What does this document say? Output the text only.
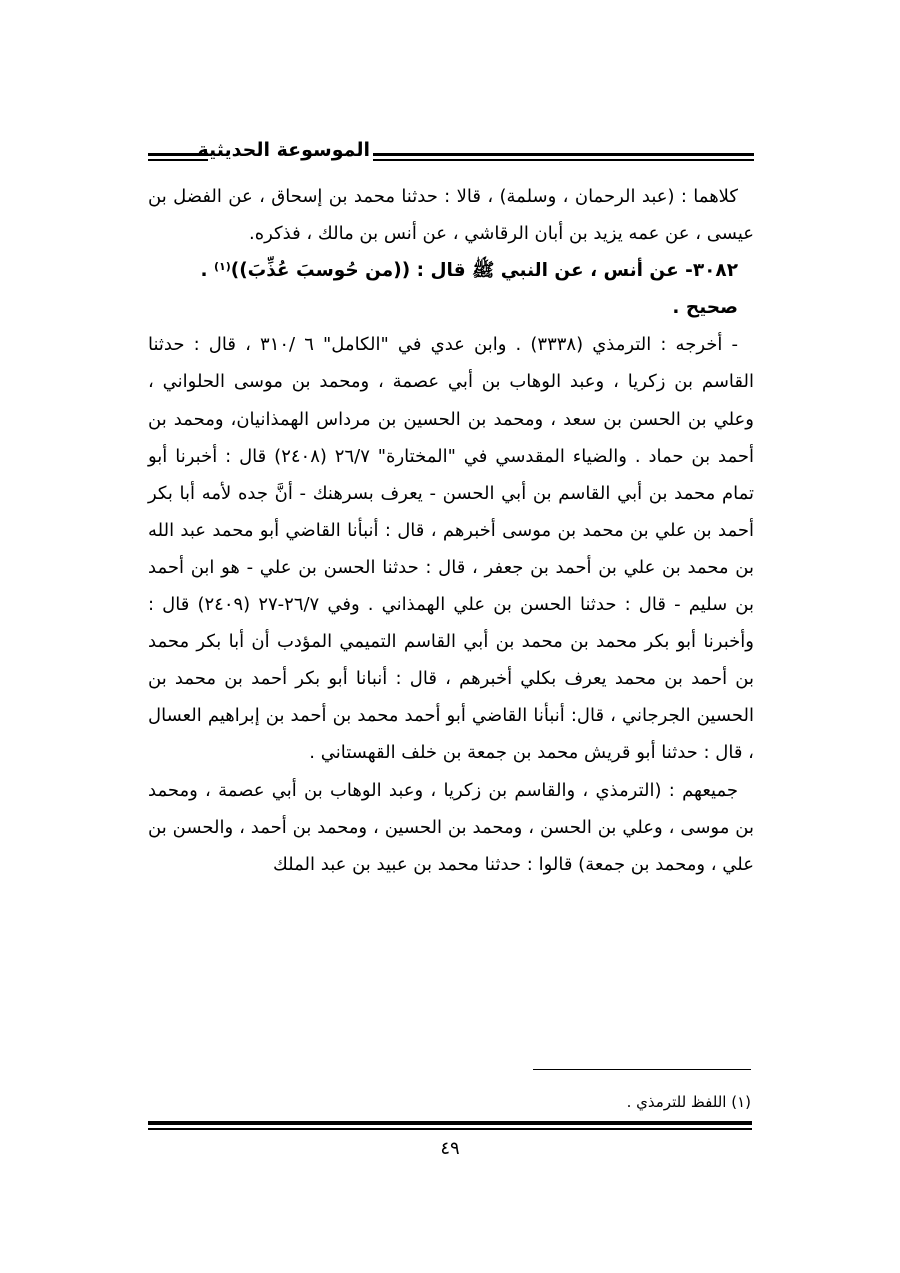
الموسوعة الحديثية

كلاهما : (عبد الرحمان ، وسلمة) ، قالا : حدثنا محمد بن إسحاق ، عن الفضل بن عيسى ، عن عمه يزيد بن أبان الرقاشي ، عن أنس بن مالك ، فذكره.

٣٠٨٢- عن أنس ، عن النبي ﷺ قال : ((من حُوسبَ عُذِّبَ))$^{(١)}$ .

صحيح .

- أخرجه : الترمذي (٣٣٣٨) . وابن عدي في "الكامل" ٦ /٣١٠ ، قال : حدثنا القاسم بن زكريا ، وعبد الوهاب بن أبي عصمة ، ومحمد بن موسى الحلواني ، وعلي بن الحسن بن سعد ، ومحمد بن الحسين بن مرداس الهمذانيان، ومحمد بن أحمد بن حماد . والضياء المقدسي في "المختارة" ٢٦/٧ (٢٤٠٨) قال : أخبرنا أبو تمام محمد بن أبي القاسم بن أبي الحسن - يعرف بسرهنك - أنَّ جده لأمه أبا بكر أحمد بن علي بن محمد بن موسى أخبرهم ، قال : أنبأنا القاضي أبو محمد عبد الله بن محمد بن علي بن أحمد بن جعفر ، قال : حدثنا الحسن بن علي - هو ابن أحمد بن سليم - قال : حدثنا الحسن بن علي الهمذاني . وفي ٢٦/٧-٢٧ (٢٤٠٩) قال : وأخبرنا أبو بكر محمد بن محمد بن أبي القاسم التميمي المؤدب أن أبا بكر محمد بن أحمد بن محمد يعرف بكلي أخبرهم ، قال : أنبانا أبو بكر أحمد بن محمد بن الحسين الجرجاني ، قال: أنبأنا القاضي أبو أحمد محمد بن أحمد بن إبراهيم العسال ، قال : حدثنا أبو قريش محمد بن جمعة بن خلف القهستاني .

جميعهم : (الترمذي ، والقاسم بن زكريا ، وعبد الوهاب بن أبي عصمة ، ومحمد بن موسى ، وعلي بن الحسن ، ومحمد بن الحسين ، ومحمد بن أحمد ، والحسن بن علي ، ومحمد بن جمعة) قالوا : حدثنا محمد بن عبيد بن عبد الملك

(١) اللفظ للترمذي .
٤٩
